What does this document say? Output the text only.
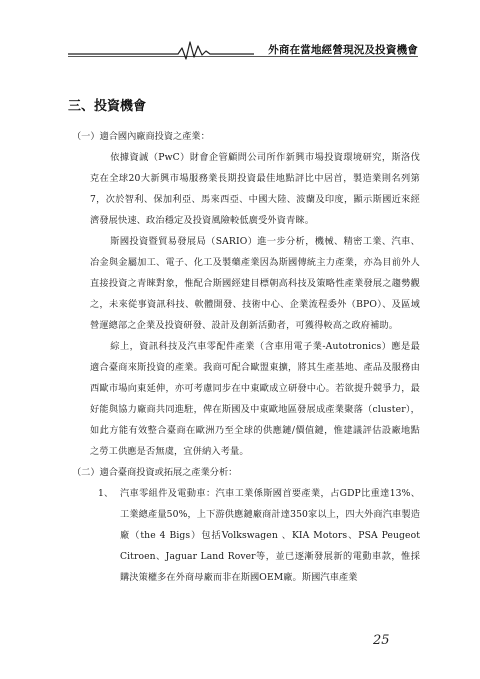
外商在當地經營現況及投資機會
三、投資機會
（一）適合國內廠商投資之產業：

依據資誠（PwC）財會企管顧問公司所作新興市場投資環境研究，斯洛伐克在全球20大新興市場服務業長期投資最佳地點評比中居首，製造業則名列第7，次於智利、保加利亞、馬來西亞、中國大陸、波蘭及印度，顯示斯國近來經濟發展快速、政治穩定及投資風險較低廣受外資青睞。

斯國投資暨貿易發展局（SARIO）進一步分析，機械、精密工業、汽車、冶金與金屬加工、電子、化工及製藥產業因為斯國傳統主力產業，亦為目前外人直接投資之青睞對象，惟配合斯國經建目標朝高科技及策略性產業發展之趨勢觀之，未來從事資訊科技、軟體開發、技術中心、企業流程委外（BPO）、及區域營運總部之企業及投資研發、設計及創新活動者，可獲得較高之政府補助。

綜上，資訊科技及汽車零配件產業（含車用電子業-Autotronics）應是最適合臺商來斯投資的產業。我商可配合歐盟東擴，將其生產基地、產品及服務由西歐市場向東延伸，亦可考慮同步在中東歐成立研發中心。若欲提升競爭力，最好能與協力廠商共同進駐，俾在斯國及中東歐地區發展成產業聚落（cluster），如此方能有效整合臺商在歐洲乃至全球的供應鏈/價值鏈，惟建議評估設廠地點之勞工供應是否無虞，宜併納入考量。

（二）適合臺商投資或拓展之產業分析：
1、 汽車零組件及電動車：汽車工業係斯國首要產業，占GDP比重達13%、工業總產量50%，上下游供應鏈廠商計達350家以上，四大外商汽車製造廠（the 4 Bigs）包括Volkswagen 、KIA Motors、PSA Peugeot Citroen、Jaguar Land Rover等，並已逐漸發展新的電動車款，惟採購決策權多在外商母廠而非在斯國OEM廠。斯國汽車產業
25
